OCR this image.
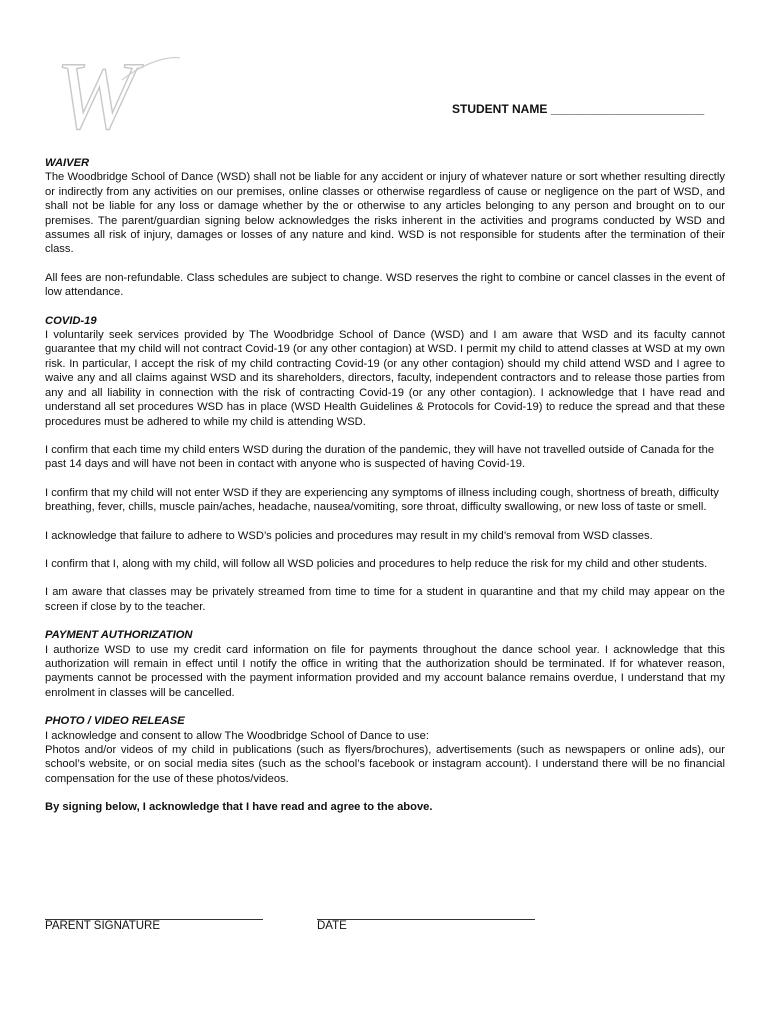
W	STUDENT NAME _______________________

WAIVER

The Woodbridge School of Dance (WSD) shall not be liable for any accident or injury of whatever nature or sort whether resulting directly or indirectly from any activities on our premises, online classes or otherwise regardless of cause or negligence on the part of WSD, and shall not be liable for any loss or damage whether by the or otherwise to any articles belonging to any person and brought on to our premises. The parent/guardian signing below acknowledges the risks inherent in the activities and programs conducted by WSD and assumes all risk of injury, damages or losses of any nature and kind. WSD is not responsible for students after the termination of their class.

All fees are non-refundable. Class schedules are subject to change. WSD reserves the right to combine or cancel classes in the event of low attendance.

COVID-19

I voluntarily seek services provided by The Woodbridge School of Dance (WSD) and I am aware that WSD and its faculty cannot guarantee that my child will not contract Covid-19 (or any other contagion) at WSD. I permit my child to attend classes at WSD at my own risk. In particular, I accept the risk of my child contracting Covid-19 (or any other contagion) should my child attend WSD and I agree to waive any and all claims against WSD and its shareholders, directors, faculty, independent contractors and to release those parties from any and all liability in connection with the risk of contracting Covid-19 (or any other contagion). I acknowledge that I have read and understand all set procedures WSD has in place (WSD Health Guidelines & Protocols for Covid-19) to reduce the spread and that these procedures must be adhered to while my child is attending WSD.

I confirm that each time my child enters WSD during the duration of the pandemic, they will have not travelled outside of Canada for the past 14 days and will have not been in contact with anyone who is suspected of having Covid-19.

I confirm that my child will not enter WSD if they are experiencing any symptoms of illness including cough, shortness of breath, difficulty breathing, fever, chills, muscle pain/aches, headache, nausea/vomiting, sore throat, difficulty swallowing, or new loss of taste or smell.

I acknowledge that failure to adhere to WSD’s policies and procedures may result in my child’s removal from WSD classes.

I confirm that I, along with my child, will follow all WSD policies and procedures to help reduce the risk for my child and other students.

I am aware that classes may be privately streamed from time to time for a student in quarantine and that my child may appear on the screen if close by to the teacher.

PAYMENT AUTHORIZATION

I authorize WSD to use my credit card information on file for payments throughout the dance school year. I acknowledge that this authorization will remain in effect until I notify the office in writing that the authorization should be terminated. If for whatever reason, payments cannot be processed with the payment information provided and my account balance remains overdue, I understand that my enrolment in classes will be cancelled.

PHOTO / VIDEO RELEASE

I acknowledge and consent to allow The Woodbridge School of Dance to use:

Photos and/or videos of my child in publications (such as flyers/brochures), advertisements (such as newspapers or online ads), our school’s website, or on social media sites (such as the school’s facebook or instagram account). I understand there will be no financial compensation for the use of these photos/videos.

By signing below, I acknowledge that I have read and agree to the above.

PARENT SIGNATURE	DATE
